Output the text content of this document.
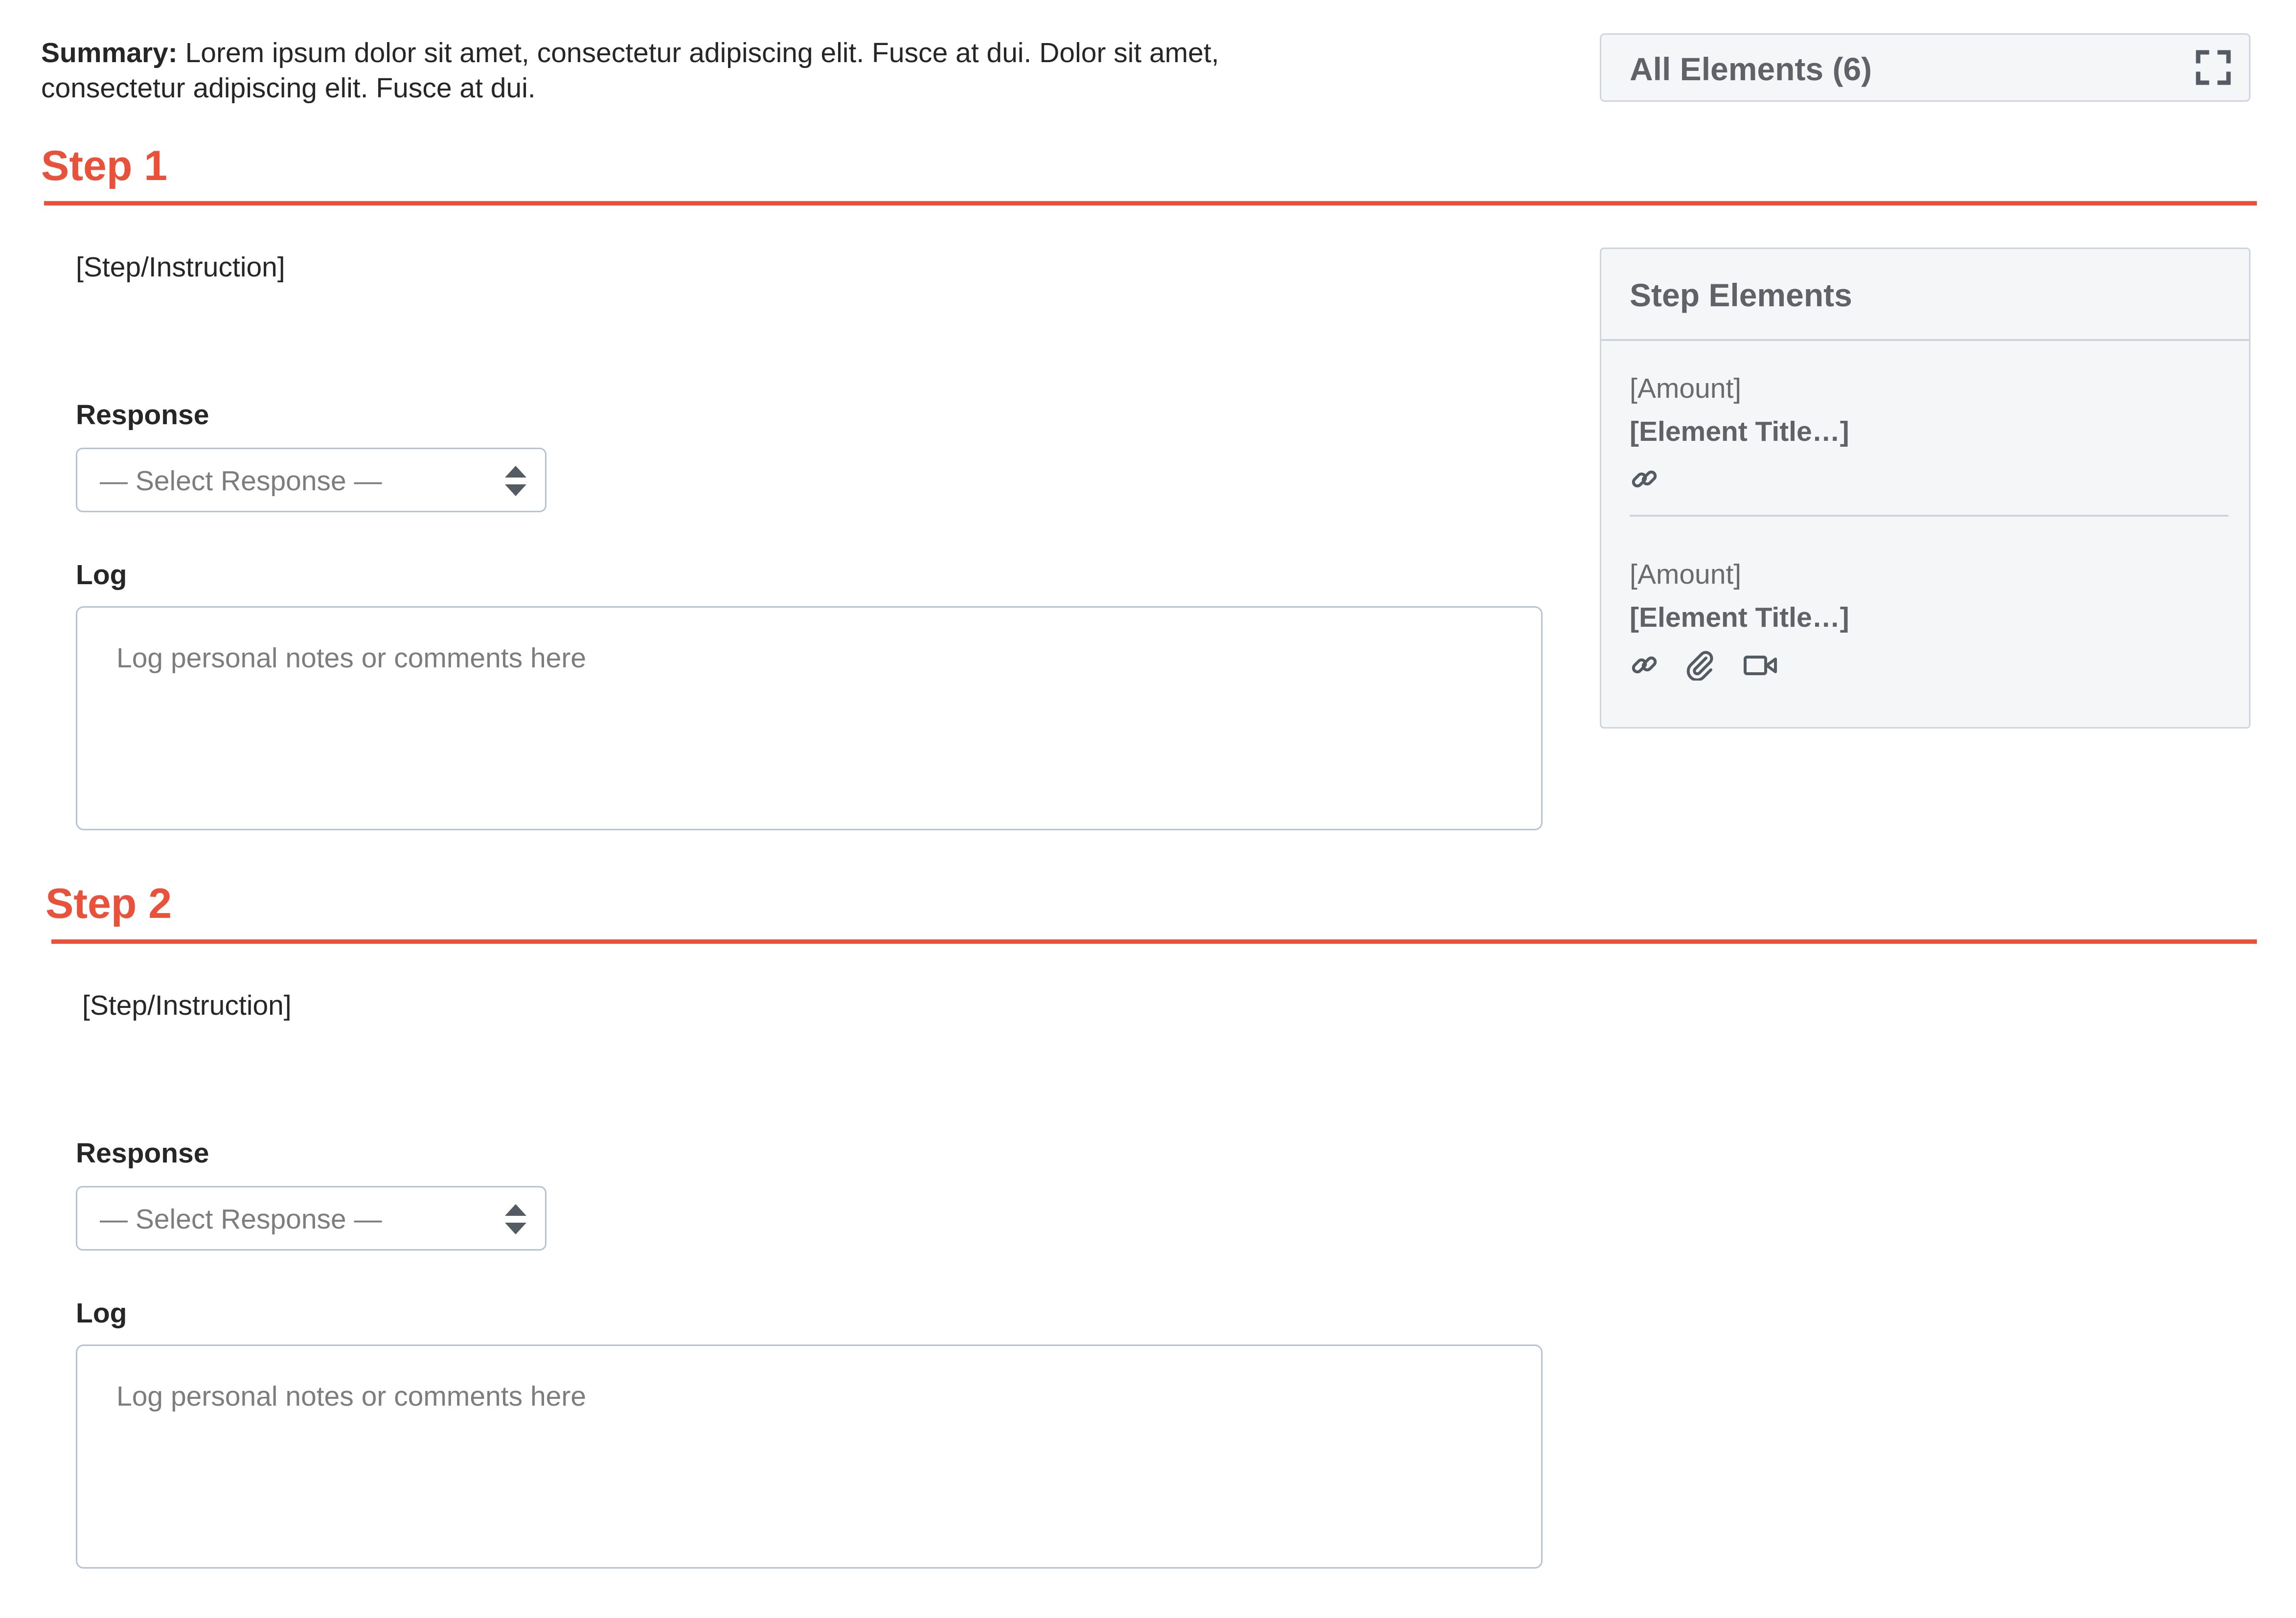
Summary: Lorem ipsum dolor sit amet, consectetur adipiscing elit. Fusce at dui. Dolor sit amet, consectetur adipiscing elit. Fusce at dui.
All Elements (6)
Step 1
[Step/Instruction]
Response
— Select Response —
Log
Log personal notes or comments here
Step Elements
[Amount]
[Element Title…]
[Amount]
[Element Title…]
Step 2
[Step/Instruction]
Response
— Select Response —
Log
Log personal notes or comments here
